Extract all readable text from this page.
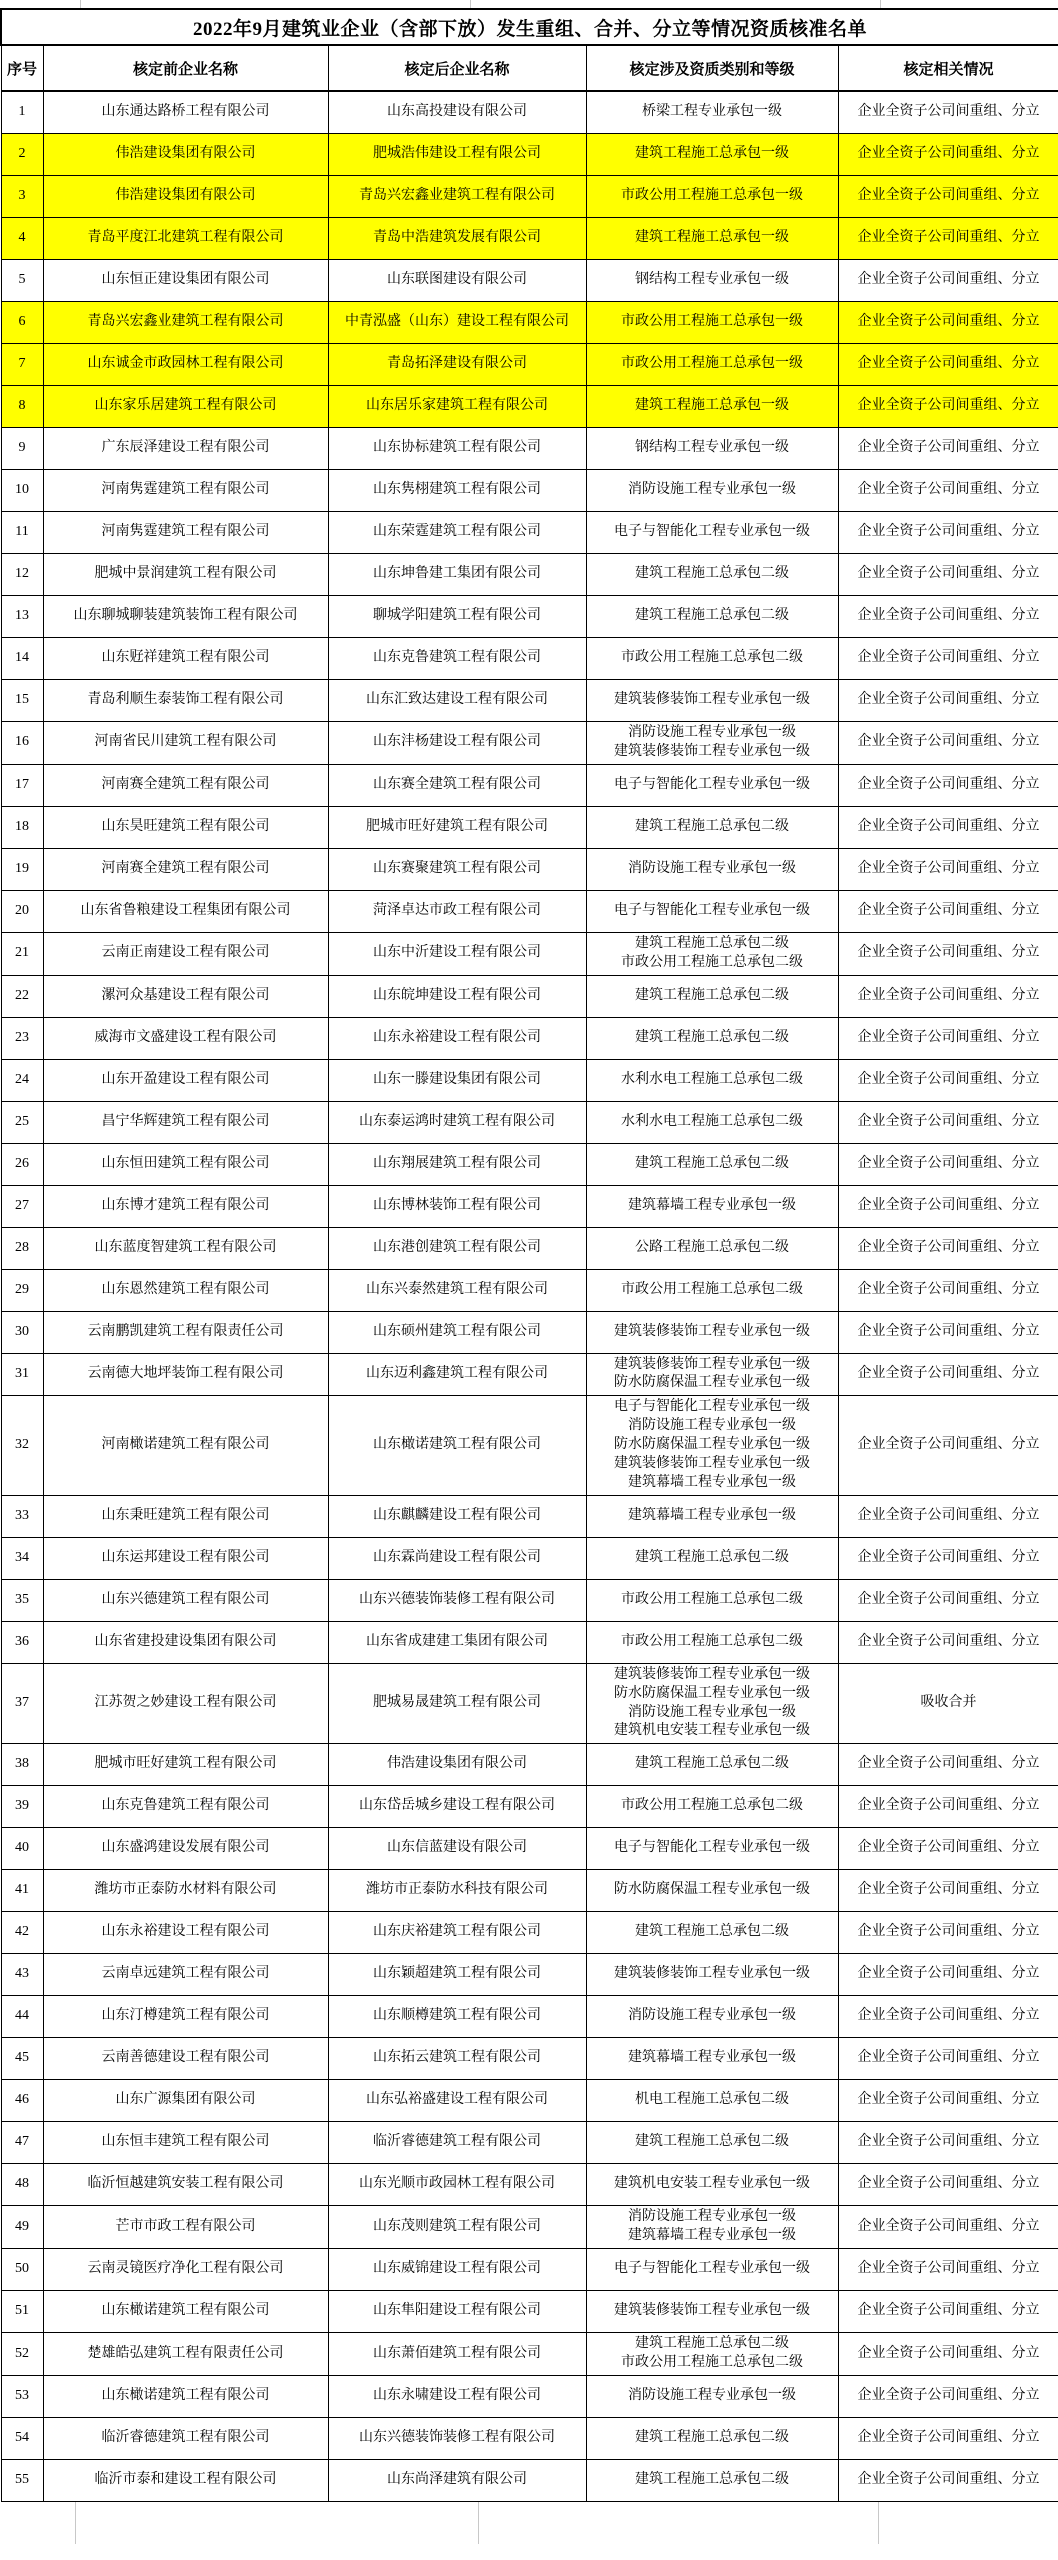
2022年9月建筑业企业（含部下放）发生重组、合并、分立等情况资质核准名单				
序号	核定前企业名称	核定后企业名称	核定涉及资质类别和等级	核定相关情况
1	山东通达路桥工程有限公司	山东高投建设有限公司	桥梁工程专业承包一级	企业全资子公司间重组、分立
2	伟浩建设集团有限公司	肥城浩伟建设工程有限公司	建筑工程施工总承包一级	企业全资子公司间重组、分立
3	伟浩建设集团有限公司	青岛兴宏鑫业建筑工程有限公司	市政公用工程施工总承包一级	企业全资子公司间重组、分立
4	青岛平度江北建筑工程有限公司	青岛中浩建筑发展有限公司	建筑工程施工总承包一级	企业全资子公司间重组、分立
5	山东恒正建设集团有限公司	山东联图建设有限公司	钢结构工程专业承包一级	企业全资子公司间重组、分立
6	青岛兴宏鑫业建筑工程有限公司	中青泓盛（山东）建设工程有限公司	市政公用工程施工总承包一级	企业全资子公司间重组、分立
7	山东诚金市政园林工程有限公司	青岛拓泽建设有限公司	市政公用工程施工总承包一级	企业全资子公司间重组、分立
8	山东家乐居建筑工程有限公司	山东居乐家建筑工程有限公司	建筑工程施工总承包一级	企业全资子公司间重组、分立
9	广东辰泽建设工程有限公司	山东协标建筑工程有限公司	钢结构工程专业承包一级	企业全资子公司间重组、分立
10	河南隽霆建筑工程有限公司	山东隽栩建筑工程有限公司	消防设施工程专业承包一级	企业全资子公司间重组、分立
11	河南隽霆建筑工程有限公司	山东荣霆建筑工程有限公司	电子与智能化工程专业承包一级	企业全资子公司间重组、分立
12	肥城中景润建筑工程有限公司	山东坤鲁建工集团有限公司	建筑工程施工总承包二级	企业全资子公司间重组、分立
13	山东聊城聊装建筑装饰工程有限公司	聊城学阳建筑工程有限公司	建筑工程施工总承包二级	企业全资子公司间重组、分立
14	山东觃祥建筑工程有限公司	山东克鲁建筑工程有限公司	市政公用工程施工总承包二级	企业全资子公司间重组、分立
15	青岛利顺生泰装饰工程有限公司	山东汇致达建设工程有限公司	建筑装修装饰工程专业承包一级	企业全资子公司间重组、分立
16	河南省民川建筑工程有限公司	山东沣杨建设工程有限公司	消防设施工程专业承包一级
建筑装修装饰工程专业承包一级	企业全资子公司间重组、分立
17	河南赛全建筑工程有限公司	山东赛全建筑工程有限公司	电子与智能化工程专业承包一级	企业全资子公司间重组、分立
18	山东昊旺建筑工程有限公司	肥城市旺好建筑工程有限公司	建筑工程施工总承包二级	企业全资子公司间重组、分立
19	河南赛全建筑工程有限公司	山东赛聚建筑工程有限公司	消防设施工程专业承包一级	企业全资子公司间重组、分立
20	山东省鲁粮建设工程集团有限公司	菏泽卓达市政工程有限公司	电子与智能化工程专业承包一级	企业全资子公司间重组、分立
21	云南正南建设工程有限公司	山东中沂建设工程有限公司	建筑工程施工总承包二级
市政公用工程施工总承包二级	企业全资子公司间重组、分立
22	漯河众基建设工程有限公司	山东皖坤建设工程有限公司	建筑工程施工总承包二级	企业全资子公司间重组、分立
23	威海市文盛建设工程有限公司	山东永裕建设工程有限公司	建筑工程施工总承包二级	企业全资子公司间重组、分立
24	山东开盈建设工程有限公司	山东一滕建设集团有限公司	水利水电工程施工总承包二级	企业全资子公司间重组、分立
25	昌宁华辉建筑工程有限公司	山东泰运鸿时建筑工程有限公司	水利水电工程施工总承包二级	企业全资子公司间重组、分立
26	山东恒田建筑工程有限公司	山东翔展建筑工程有限公司	建筑工程施工总承包二级	企业全资子公司间重组、分立
27	山东博才建筑工程有限公司	山东博林装饰工程有限公司	建筑幕墙工程专业承包一级	企业全资子公司间重组、分立
28	山东蓝度智建筑工程有限公司	山东港创建筑工程有限公司	公路工程施工总承包二级	企业全资子公司间重组、分立
29	山东恩然建筑工程有限公司	山东兴泰然建筑工程有限公司	市政公用工程施工总承包二级	企业全资子公司间重组、分立
30	云南鹏凯建筑工程有限责任公司	山东硕州建筑工程有限公司	建筑装修装饰工程专业承包一级	企业全资子公司间重组、分立
31	云南德大地坪装饰工程有限公司	山东迈利鑫建筑工程有限公司	建筑装修装饰工程专业承包一级
防水防腐保温工程专业承包一级	企业全资子公司间重组、分立
32	河南橄诺建筑工程有限公司	山东橄诺建筑工程有限公司	电子与智能化工程专业承包一级
消防设施工程专业承包一级
防水防腐保温工程专业承包一级
建筑装修装饰工程专业承包一级
建筑幕墙工程专业承包一级	企业全资子公司间重组、分立
33	山东秉旺建筑工程有限公司	山东麒麟建设工程有限公司	建筑幕墙工程专业承包一级	企业全资子公司间重组、分立
34	山东运邦建设工程有限公司	山东霖尚建设工程有限公司	建筑工程施工总承包二级	企业全资子公司间重组、分立
35	山东兴德建筑工程有限公司	山东兴德装饰装修工程有限公司	市政公用工程施工总承包二级	企业全资子公司间重组、分立
36	山东省建投建设集团有限公司	山东省成建建工集团有限公司	市政公用工程施工总承包二级	企业全资子公司间重组、分立
37	江苏贺之妙建设工程有限公司	肥城易晟建筑工程有限公司	建筑装修装饰工程专业承包一级
防水防腐保温工程专业承包一级
消防设施工程专业承包一级
建筑机电安装工程专业承包一级	吸收合并
38	肥城市旺好建筑工程有限公司	伟浩建设集团有限公司	建筑工程施工总承包二级	企业全资子公司间重组、分立
39	山东克鲁建筑工程有限公司	山东岱岳城乡建设工程有限公司	市政公用工程施工总承包二级	企业全资子公司间重组、分立
40	山东盛鸿建设发展有限公司	山东信蓝建设有限公司	电子与智能化工程专业承包一级	企业全资子公司间重组、分立
41	潍坊市正泰防水材料有限公司	潍坊市正泰防水科技有限公司	防水防腐保温工程专业承包一级	企业全资子公司间重组、分立
42	山东永裕建设工程有限公司	山东庆裕建筑工程有限公司	建筑工程施工总承包二级	企业全资子公司间重组、分立
43	云南卓远建筑工程有限公司	山东颖超建筑工程有限公司	建筑装修装饰工程专业承包一级	企业全资子公司间重组、分立
44	山东汀樽建筑工程有限公司	山东顺樽建筑工程有限公司	消防设施工程专业承包一级	企业全资子公司间重组、分立
45	云南善德建设工程有限公司	山东拓云建筑工程有限公司	建筑幕墙工程专业承包一级	企业全资子公司间重组、分立
46	山东广源集团有限公司	山东弘裕盛建设工程有限公司	机电工程施工总承包二级	企业全资子公司间重组、分立
47	山东恒丰建筑工程有限公司	临沂睿德建筑工程有限公司	建筑工程施工总承包二级	企业全资子公司间重组、分立
48	临沂恒越建筑安装工程有限公司	山东光顺市政园林工程有限公司	建筑机电安装工程专业承包一级	企业全资子公司间重组、分立
49	芒市市政工程有限公司	山东茂则建筑工程有限公司	消防设施工程专业承包一级
建筑幕墙工程专业承包一级	企业全资子公司间重组、分立
50	云南灵镜医疗净化工程有限公司	山东威锦建设工程有限公司	电子与智能化工程专业承包一级	企业全资子公司间重组、分立
51	山东橄诺建筑工程有限公司	山东隼阳建设工程有限公司	建筑装修装饰工程专业承包一级	企业全资子公司间重组、分立
52	楚雄皓弘建筑工程有限责任公司	山东萧佰建筑工程有限公司	建筑工程施工总承包二级
市政公用工程施工总承包二级	企业全资子公司间重组、分立
53	山东橄诺建筑工程有限公司	山东永啸建设工程有限公司	消防设施工程专业承包一级	企业全资子公司间重组、分立
54	临沂睿德建筑工程有限公司	山东兴德装饰装修工程有限公司	建筑工程施工总承包二级	企业全资子公司间重组、分立
55	临沂市泰和建设工程有限公司	山东尚泽建筑有限公司	建筑工程施工总承包二级	企业全资子公司间重组、分立
